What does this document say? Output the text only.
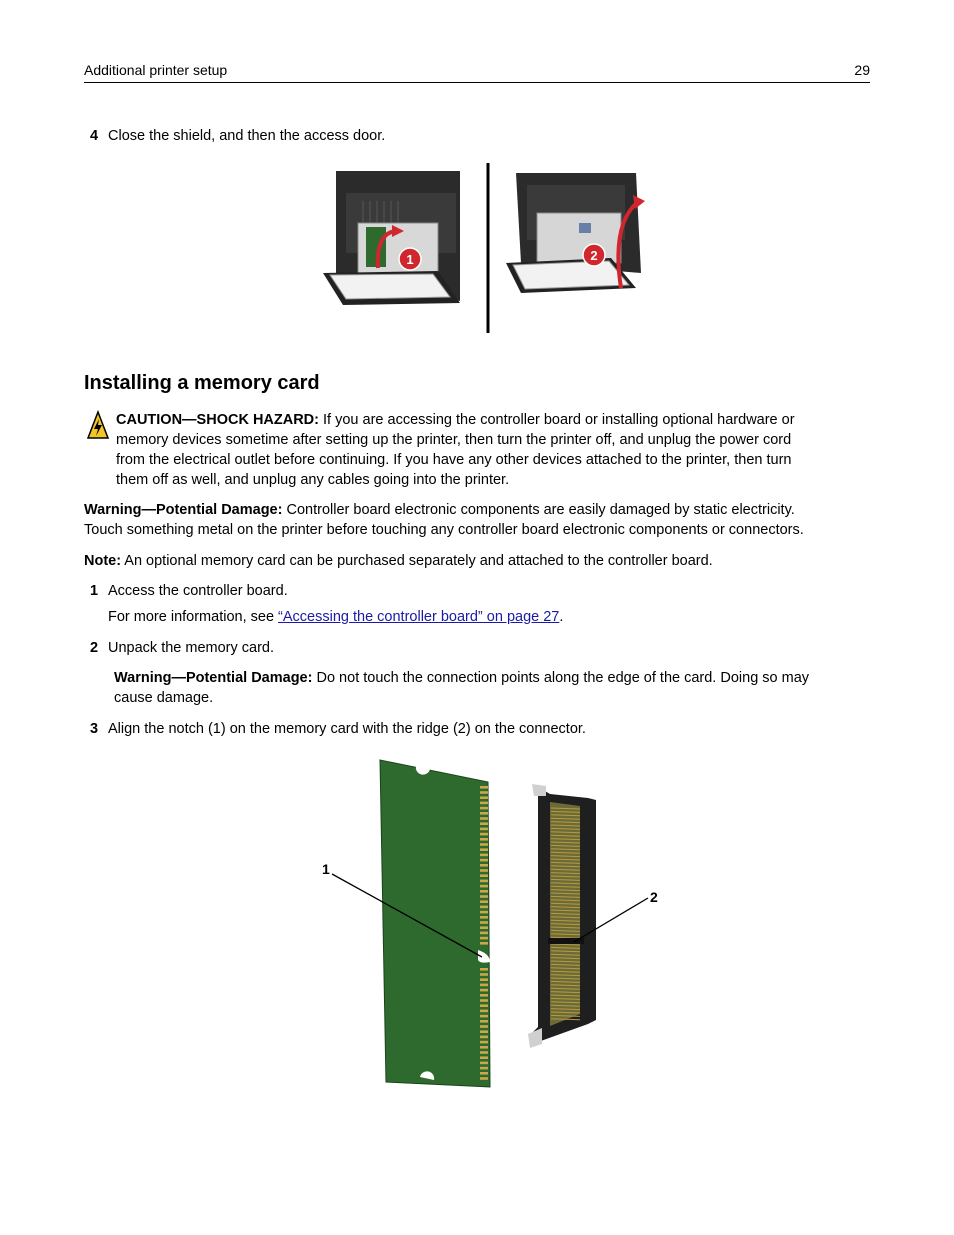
Additional printer setup	29
4 Close the shield, and then the access door.
1	2
Installing a memory card
CAUTION—SHOCK HAZARD: If you are accessing the controller board or installing optional hardware or
memory devices sometime after setting up the printer, then turn the printer off, and unplug the power cord
from the electrical outlet before continuing. If you have any other devices attached to the printer, then turn
them off as well, and unplug any cables going into the printer.
Warning—Potential Damage: Controller board electronic components are easily damaged by static electricity.
Touch something metal on the printer before touching any controller board electronic components or connectors.
Note: An optional memory card can be purchased separately and attached to the controller board.
1 Access the controller board.
For more information, see “Accessing the controller board” on page 27.
2 Unpack the memory card.
Warning—Potential Damage: Do not touch the connection points along the edge of the card. Doing so may
cause damage.
3 Align the notch (1) on the memory card with the ridge (2) on the connector.
1
2
